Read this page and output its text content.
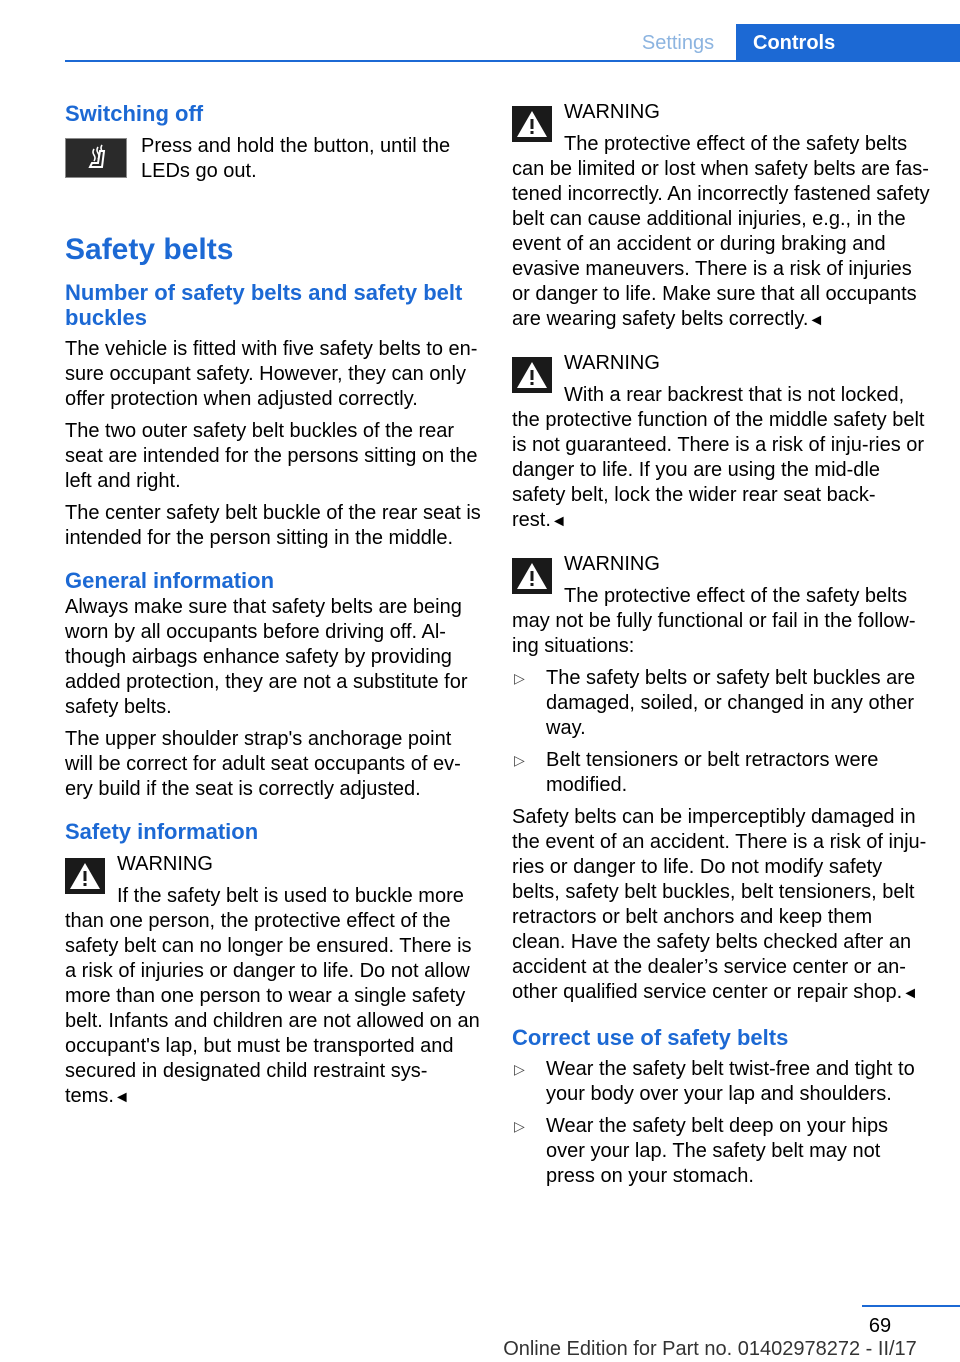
Settings	Controls
Switching off

Press and hold the button, until the LEDs go out.

Safety belts
Number of safety belts and safety belt buckles

The vehicle is fitted with five safety belts to en‐sure occupant safety. However, they can only offer protection when adjusted correctly.

The two outer safety belt buckles of the rear seat are intended for the persons sitting on the left and right.

The center safety belt buckle of the rear seat is intended for the person sitting in the middle.

General information

Always make sure that safety belts are being worn by all occupants before driving off. Al‐though airbags enhance safety by providing added protection, they are not a substitute for safety belts.

The upper shoulder strap's anchorage point will be correct for adult seat occupants of ev‐ery build if the seat is correctly adjusted.

Safety information
WARNING
If the safety belt is used to buckle more

than one person, the protective effect of the safety belt can no longer be ensured. There is a risk of injuries or danger to life. Do not allow more than one person to wear a single safety belt. Infants and children are not allowed on an occupant's lap, but must be transported and secured in designated child restraint sys‐tems.◄

WARNING
The protective effect of the safety belts

can be limited or lost when safety belts are fas‐tened incorrectly. An incorrectly fastened safety belt can cause additional injuries, e.g., in the event of an accident or during braking and evasive maneuvers. There is a risk of injuries or danger to life. Make sure that all occupants are wearing safety belts correctly.◄

WARNING
With a rear backrest that is not locked,

the protective function of the middle safety belt is not guaranteed. There is a risk of inju‐ries or danger to life. If you are using the mid‐dle safety belt, lock the wider rear seat back‐rest.◄

WARNING
The protective effect of the safety belts

may not be fully functional or fail in the follow‐ing situations:

▷ The safety belts or safety belt buckles are damaged, soiled, or changed in any other way.
▷ Belt tensioners or belt retractors were modified.

Safety belts can be imperceptibly damaged in the event of an accident. There is a risk of inju‐ries or danger to life. Do not modify safety belts, safety belt buckles, belt tensioners, belt retractors or belt anchors and keep them clean. Have the safety belts checked after an accident at the dealer’s service center or an‐other qualified service center or repair shop.◄

Correct use of safety belts
▷ Wear the safety belt twist-free and tight to your body over your lap and shoulders.
▷ Wear the safety belt deep on your hips over your lap. The safety belt may not press on your stomach.
69
Online Edition for Part no. 01402978272 - II/17
